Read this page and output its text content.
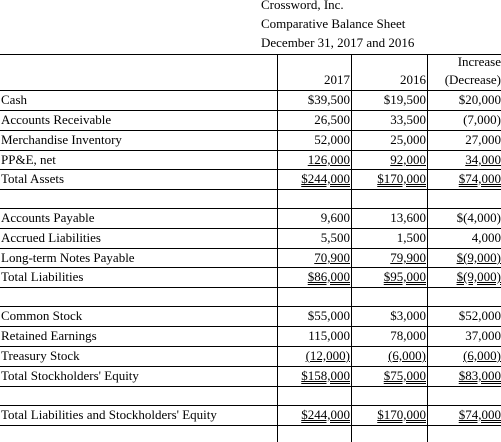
Crossword, Inc.
Comparative Balance Sheet
December 31, 2017 and 2016
Increase
2017	2016 (Decrease)
Cash	$39,500	$19,500	$20,000
Accounts Receivable	26,500	33,500	(7,000)
Merchandise Inventory	52,000	25,000	27,000
PP&E, net	126,000	92,000	34,000
Total Assets	$244,000 $170,000	$74,000
Accounts Payable	9,600	13,600 $(4,000)
Accrued Liabilities	5,500	1,500	4,000
Long-term Notes Payable	70,900	79,900 $(9,000)
Total Liabilities	$86,000	$95,000 $(9,000)
Common Stock	$55,000	$3,000	$52,000
Retained Earnings	115,000	78,000	37,000
Treasury Stock	(12,000)	(6,000)	(6,000)
Total Stockholders' Equity	$158,000	$75,000	$83,000
Total Liabilities and Stockholders' Equity	$244,000 $170,000	$74,000
